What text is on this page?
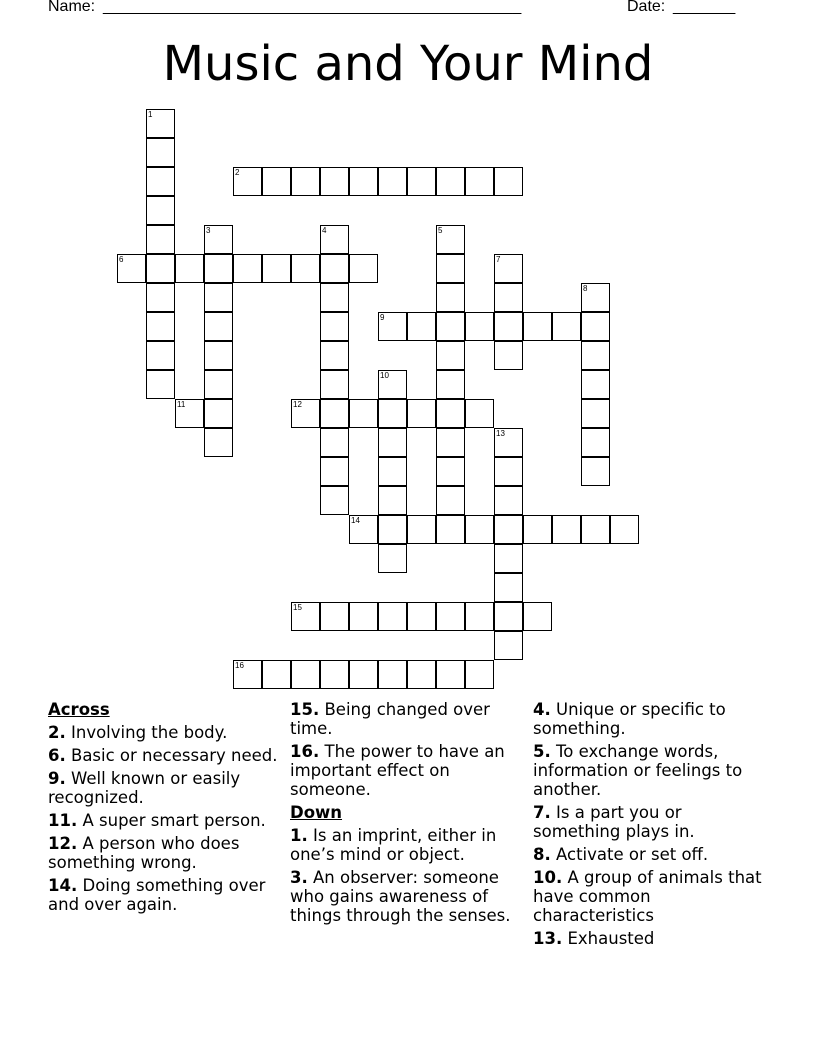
Name: _______________________________________________	Date: _______
Music and Your Mind
1
2
3	4	5
6	7
8
9
10
11	12
13
14
15
16
Across
2. Involving the body.
6. Basic or necessary need.
9. Well known or easily recognized.
11. A super smart person.
12. A person who does something wrong.
14. Doing something over and over again.
15. Being changed over time.
16. The power to have an important effect on someone.
Down
1. Is an imprint, either in one’s mind or object.
3. An observer: someone who gains awareness of things through the senses.
4. Unique or specific to something.
5. To exchange words, information or feelings to another.
7. Is a part you or something plays in.
8. Activate or set off.
10. A group of animals that have common characteristics
13. Exhausted
